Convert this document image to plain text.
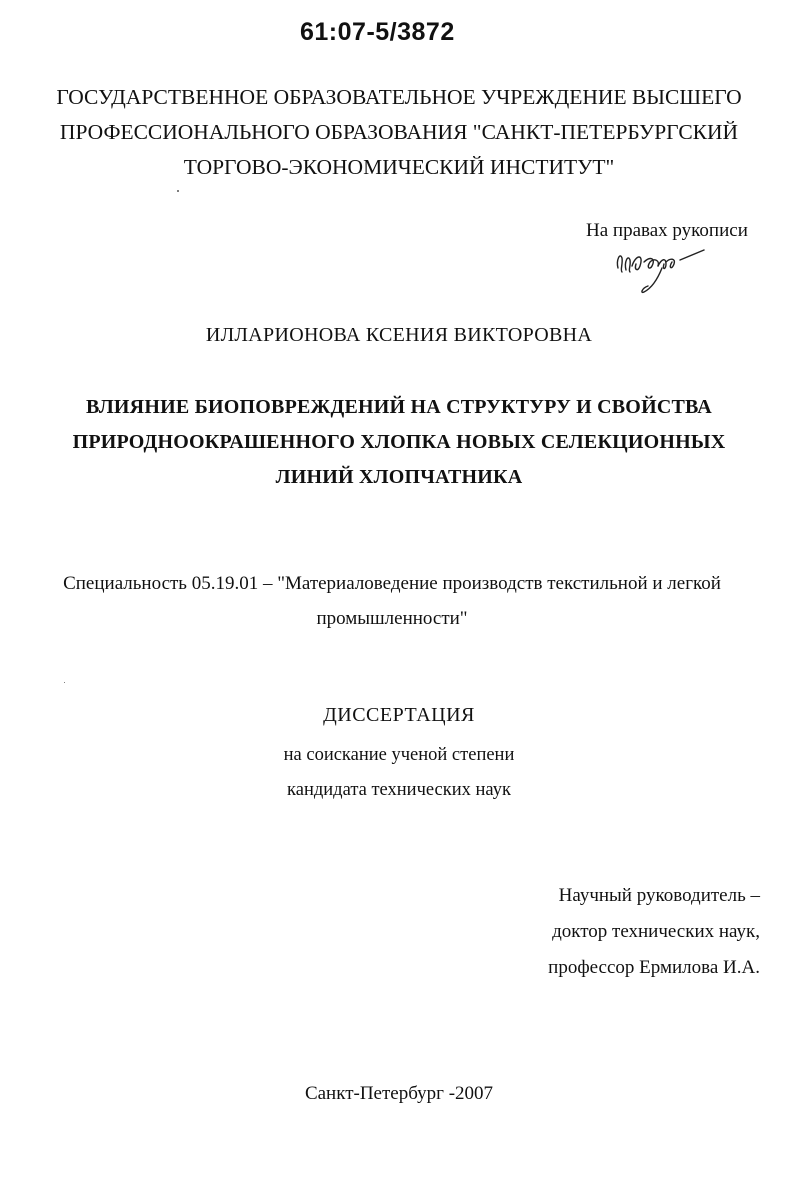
61:07-5/3872
ГОСУДАРСТВЕННОЕ ОБРАЗОВАТЕЛЬНОЕ УЧРЕЖДЕНИЕ ВЫСШЕГО
ПРОФЕССИОНАЛЬНОГО ОБРАЗОВАНИЯ "САНКТ-ПЕТЕРБУРГСКИЙ
ТОРГОВО-ЭКОНОМИЧЕСКИЙ ИНСТИТУТ"
На правах рукописи
ИЛЛАРИОНОВА КСЕНИЯ ВИКТОРОВНА
ВЛИЯНИЕ БИОПОВРЕЖДЕНИЙ НА СТРУКТУРУ И СВОЙСТВА
ПРИРОДНООКРАШЕННОГО ХЛОПКА НОВЫХ СЕЛЕКЦИОННЫХ
ЛИНИЙ ХЛОПЧАТНИКА
Специальность 05.19.01 – "Материаловедение производств текстильной и легкой
промышленности"
ДИССЕРТАЦИЯ
на соискание ученой степени
кандидата технических наук
Научный руководитель –
доктор технических наук,
профессор Ермилова И.А.
Санкт-Петербург -2007
